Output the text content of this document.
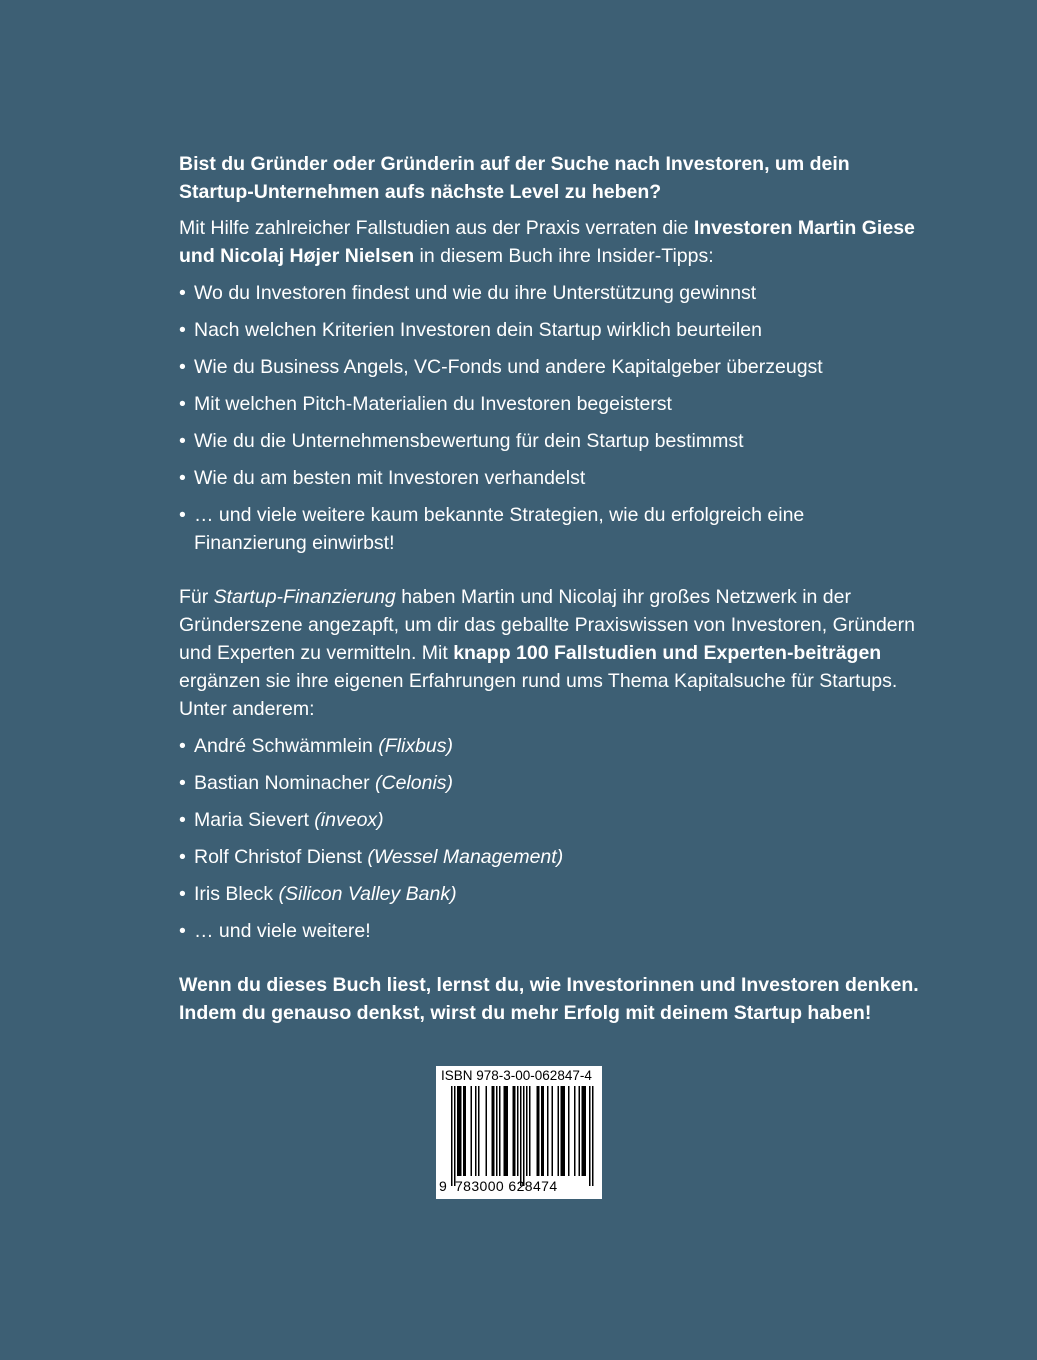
Bist du Gründer oder Gründerin auf der Suche nach Investoren, um dein Startup-Unternehmen aufs nächste Level zu heben?

Mit Hilfe zahlreicher Fallstudien aus der Praxis verraten die Investoren Martin Giese und Nicolaj Højer Nielsen in diesem Buch ihre Insider-Tipps:

• Wo du Investoren findest und wie du ihre Unterstützung gewinnst
• Nach welchen Kriterien Investoren dein Startup wirklich beurteilen
• Wie du Business Angels, VC-Fonds und andere Kapitalgeber überzeugst
• Mit welchen Pitch-Materialien du Investoren begeisterst
• Wie du die Unternehmensbewertung für dein Startup bestimmst
• Wie du am besten mit Investoren verhandelst
• … und viele weitere kaum bekannte Strategien, wie du erfolgreich eine Finanzierung einwirbst!

Für Startup-Finanzierung haben Martin und Nicolaj ihr großes Netzwerk in der Gründerszene angezapft, um dir das geballte Praxiswissen von Investoren, Gründern und Experten zu vermitteln. Mit knapp 100 Fallstudien und Experten-beiträgen ergänzen sie ihre eigenen Erfahrungen rund ums Thema Kapitalsuche für Startups. Unter anderem:

• André Schwämmlein (Flixbus)
• Bastian Nominacher (Celonis)
• Maria Sievert (inveox)
• Rolf Christof Dienst (Wessel Management)
• Iris Bleck (Silicon Valley Bank)
• … und viele weitere!

Wenn du dieses Buch liest, lernst du, wie Investorinnen und Investoren denken. Indem du genauso denkst, wirst du mehr Erfolg mit deinem Startup haben!

ISBN 978-3-00-062847-4
9 783000 628474
